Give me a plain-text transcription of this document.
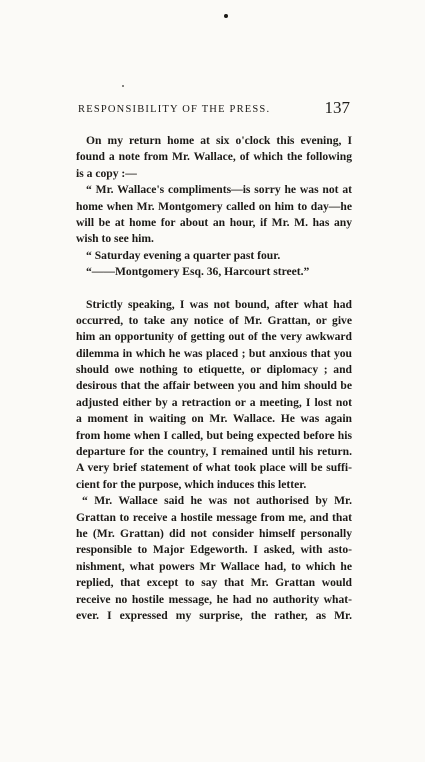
RESPONSIBILITY OF THE PRESS.	137
On my return home at six o'clock this evening, I
found a note from Mr. Wallace, of which the following
is a copy :—
“ Mr. Wallace's compliments—is sorry he was not at
home when Mr. Montgomery called on him to day—he
will be at home for about an hour, if Mr. M. has any
wish to see him.
“ Saturday evening a quarter past four.
“——Montgomery Esq. 36, Harcourt street.”
Strictly speaking, I was not bound, after what had
occurred, to take any notice of Mr. Grattan, or give
him an opportunity of getting out of the very awkward
dilemma in which he was placed ; but anxious that you
should owe nothing to etiquette, or diplomacy ; and
desirous that the affair between you and him should be
adjusted either by a retraction or a meeting, I lost not
a moment in waiting on Mr. Wallace. He was again
from home when I called, but being expected before his
departure for the country, I remained until his return.
A very brief statement of what took place will be suffi-
cient for the purpose, which induces this letter.
“ Mr. Wallace said he was not authorised by Mr.
Grattan to receive a hostile message from me, and that
he (Mr. Grattan) did not consider himself personally
responsible to Major Edgeworth. I asked, with asto-
nishment, what powers Mr Wallace had, to which he
replied, that except to say that Mr. Grattan would
receive no hostile message, he had no authority what-
ever. I expressed my surprise, the rather, as Mr.
